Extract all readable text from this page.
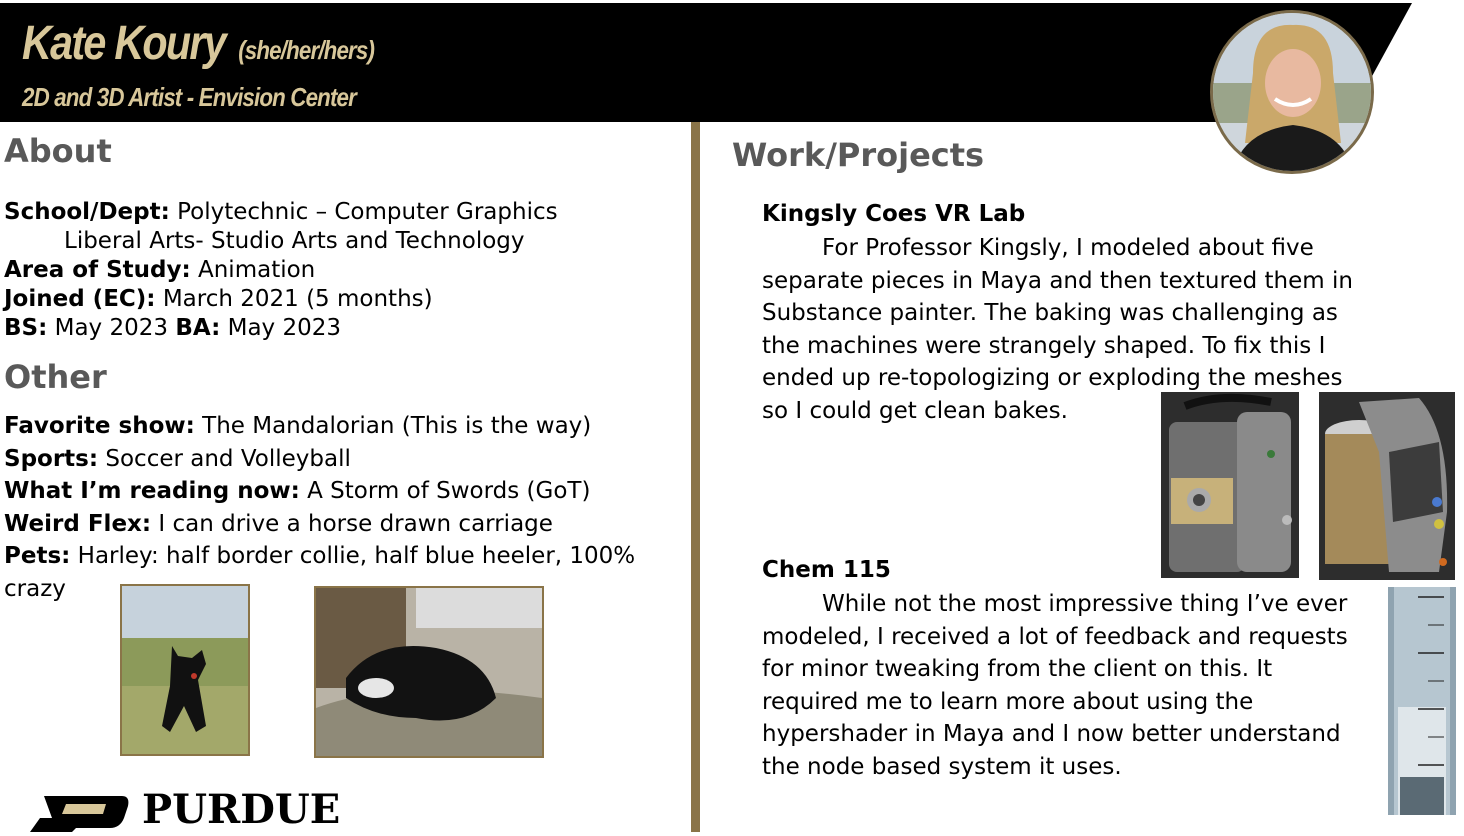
Kate Koury (she/her/hers)

2D and 3D Artist - Envision Center

About

School/Dept: Polytechnic – Computer Graphics

Liberal Arts- Studio Arts and Technology

Area of Study: Animation

Joined (EC): March 2021 (5 months)

BS: May 2023 BA: May 2023

Other

Favorite show: The Mandalorian (This is the way)

Sports: Soccer and Volleyball

What I’m reading now: A Storm of Swords (GoT)

Weird Flex: I can drive a horse drawn carriage

Pets: Harley: half border collie, half blue heeler, 100%

crazy

PURDUE

Work/Projects

Kingsly Coes VR Lab

For Professor Kingsly, I modeled about five separate pieces in Maya and then textured them in Substance painter. The baking was challenging as the machines were strangely shaped. To fix this I ended up re-topologizing or exploding the meshes so I could get clean bakes.

Chem 115

While not the most impressive thing I’ve ever modeled, I received a lot of feedback and requests for minor tweaking from the client on this. It required me to learn more about using the hypershader in Maya and I now better understand the node based system it uses.
